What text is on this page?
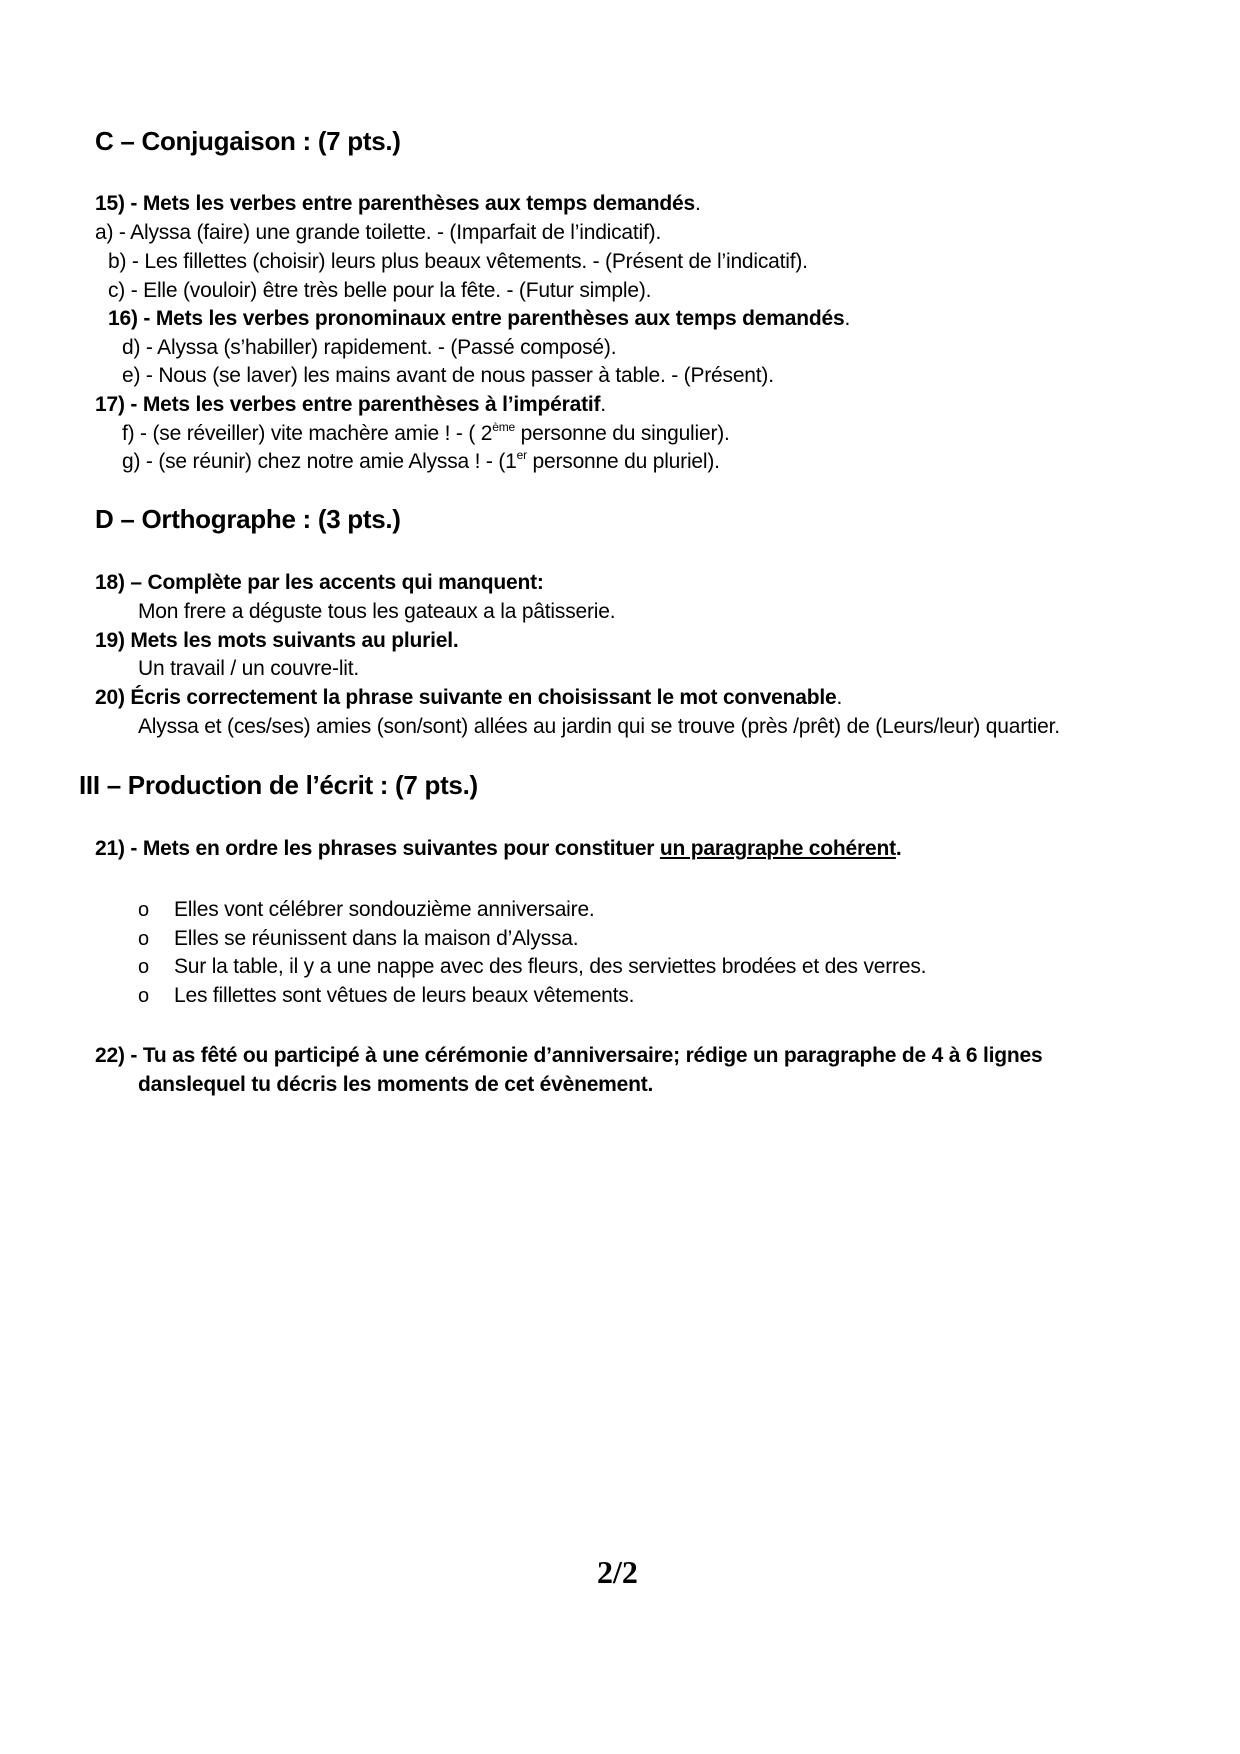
C – Conjugaison : (7 pts.)
15) - Mets les verbes entre parenthèses aux temps demandés.
a) - Alyssa (faire) une grande toilette. - (Imparfait de l’indicatif).
b) - Les fillettes (choisir) leurs plus beaux vêtements. - (Présent de l’indicatif).
c) - Elle (vouloir) être très belle pour la fête. - (Futur simple).
16) - Mets les verbes pronominaux entre parenthèses aux temps demandés.
d) - Alyssa (s’habiller) rapidement. - (Passé composé).
e) - Nous (se laver) les mains avant de nous passer à table. - (Présent).
17) - Mets les verbes entre parenthèses à l’impératif.
f) - (se réveiller) vite machère amie ! - ( 2ème personne du singulier).
g) - (se réunir) chez notre amie Alyssa ! - (1er personne du pluriel).
D – Orthographe : (3 pts.)
18) – Complète par les accents qui manquent:
Mon frere a déguste tous les gateaux a la pâtisserie.
19) Mets les mots suivants au pluriel.
Un travail / un couvre-lit.
20) Écris correctement la phrase suivante en choisissant le mot convenable.
Alyssa et (ces/ses) amies (son/sont) allées au jardin qui se trouve (près /prêt) de (Leurs/leur) quartier.
III – Production de l’écrit : (7 pts.)
21) - Mets en ordre les phrases suivantes pour constituer un paragraphe cohérent.
o Elles vont célébrer sondouzième anniversaire.
o Elles se réunissent dans la maison d’Alyssa.
o Sur la table, il y a une nappe avec des fleurs, des serviettes brodées et des verres.
o Les fillettes sont vêtues de leurs beaux vêtements.
22) - Tu as fêté ou participé à une cérémonie d’anniversaire; rédige un paragraphe de 4 à 6 lignes
danslequel tu décris les moments de cet évènement.
2/2
